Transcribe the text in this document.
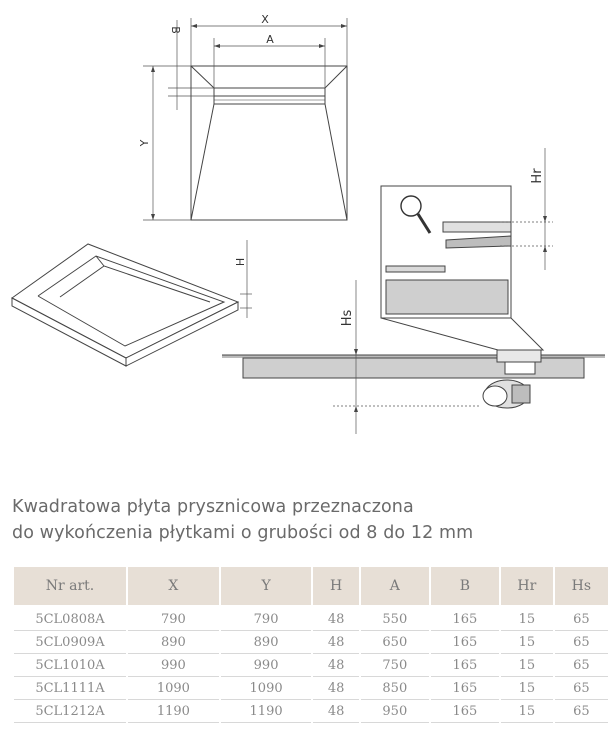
X
A
B
Y
H
Hr
Hs
Kwadratowa płyta prysznicowa przeznaczona
do wykończenia płytkami o grubości od 8 do 12 mm
Nr art.	X	Y	H	A	B	Hr	Hs
5CL0808A	790	790	48	550	165	15	65
5CL0909A	890	890	48	650	165	15	65
5CL1010A	990	990	48	750	165	15	65
5CL1111A	1090	1090	48	850	165	15	65
5CL1212A	1190	1190	48	950	165	15	65
